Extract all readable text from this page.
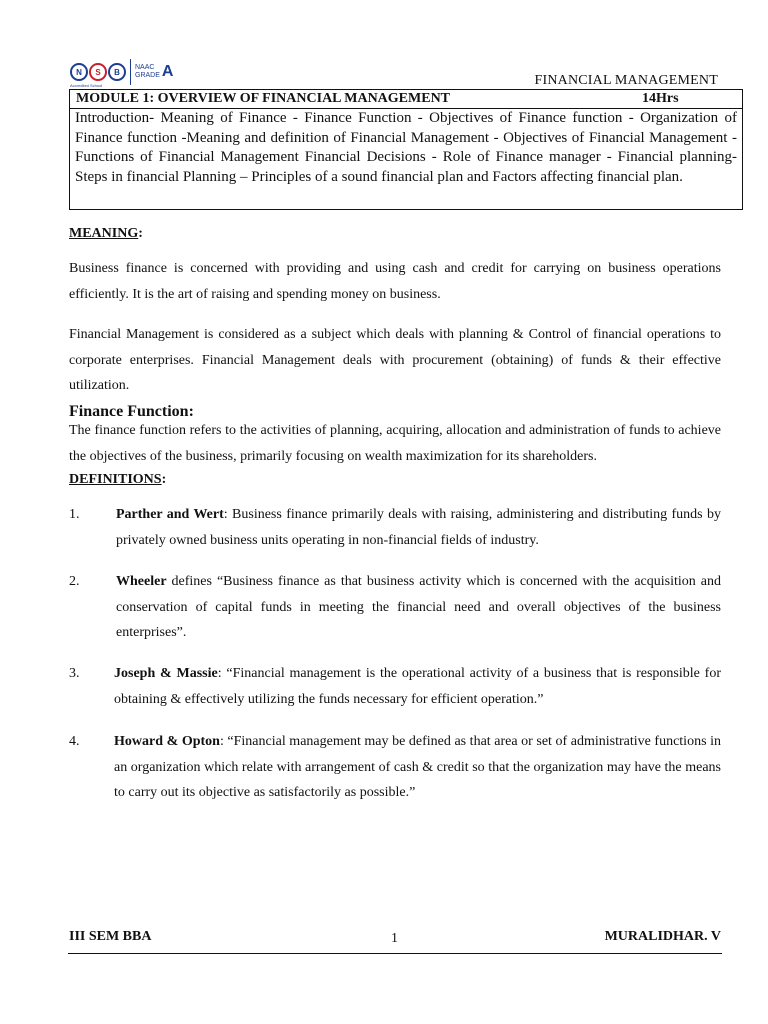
N	S	B	NAAC
GRADE A
Accredited School	FINANCIAL MANAGEMENT
MODULE 1: OVERVIEW OF FINANCIAL MANAGEMENT	14Hrs
Introduction- Meaning of Finance - Finance Function - Objectives of Finance function - Organization of Finance function -Meaning and definition of Financial Management - Objectives of Financial Management - Functions of Financial Management Financial Decisions - Role of Finance manager - Financial planning- Steps in financial Planning – Principles of a sound financial plan and Factors affecting financial plan.
MEANING:

Business finance is concerned with providing and using cash and credit for carrying on business operations efficiently. It is the art of raising and spending money on business.

Financial Management is considered as a subject which deals with planning & Control of financial operations to corporate enterprises. Financial Management deals with procurement (obtaining) of funds & their effective utilization.

Finance Function:

The finance function refers to the activities of planning, acquiring, allocation and administration of funds to achieve the objectives of the business, primarily focusing on wealth maximization for its shareholders.

DEFINITIONS:
1.	Parther and Wert: Business finance primarily deals with raising, administering and distributing funds by privately owned business units operating in non-financial fields of industry.
2.	Wheeler defines “Business finance as that business activity which is concerned with the acquisition and conservation of capital funds in meeting the financial need and overall objectives of the business enterprises”.
3. Joseph & Massie: “Financial management is the operational activity of a business that is responsible for obtaining & effectively utilizing the funds necessary for efficient operation.”
4. Howard & Opton: “Financial management may be defined as that area or set of administrative functions in an organization which relate with arrangement of cash & credit so that the organization may have the means to carry out its objective as satisfactorily as possible.”
III SEM BBA	1	MURALIDHAR. V
